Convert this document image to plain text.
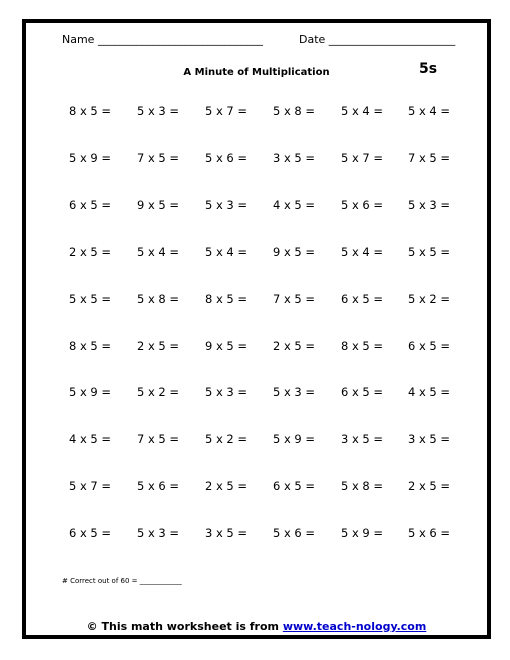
Name ______________________________	Date _______________________
A Minute of Multiplication	5s
8 x 5 = 5 x 3 = 5 x 7 = 5 x 8 = 5 x 4 = 5 x 4 =
5 x 9 = 7 x 5 = 5 x 6 = 3 x 5 = 5 x 7 = 7 x 5 =
6 x 5 = 9 x 5 = 5 x 3 = 4 x 5 = 5 x 6 = 5 x 3 =
2 x 5 = 5 x 4 = 5 x 4 = 9 x 5 = 5 x 4 = 5 x 5 =
5 x 5 = 5 x 8 = 8 x 5 = 7 x 5 = 6 x 5 = 5 x 2 =
8 x 5 = 2 x 5 = 9 x 5 = 2 x 5 = 8 x 5 = 6 x 5 =
5 x 9 = 5 x 2 = 5 x 3 = 5 x 3 = 6 x 5 = 4 x 5 =
4 x 5 = 7 x 5 = 5 x 2 = 5 x 9 = 3 x 5 = 3 x 5 =
5 x 7 = 5 x 6 = 2 x 5 = 6 x 5 = 5 x 8 = 2 x 5 =
6 x 5 = 5 x 3 = 3 x 5 = 5 x 6 = 5 x 9 = 5 x 6 =
# Correct out of 60 = ____________
© This math worksheet is from www.teach-nology.com
